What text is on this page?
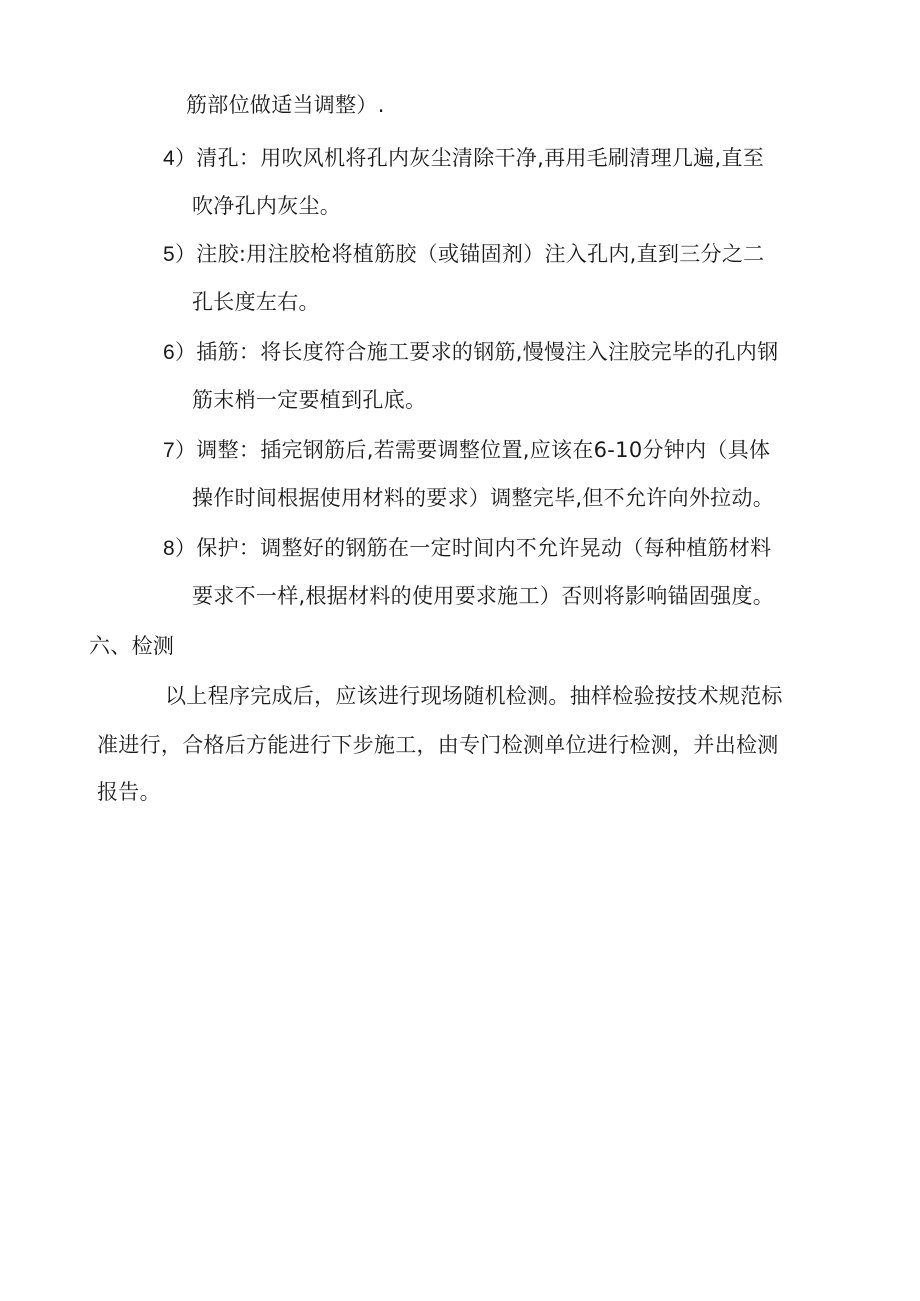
筋部位做适当调整）.
4）清孔：用吹风机将孔内灰尘清除干净,再用毛刷清理几遍,直至
吹净孔内灰尘。
5）注胶:用注胶枪将植筋胶（或锚固剂）注入孔内,直到三分之二
孔长度左右。
6）插筋：将长度符合施工要求的钢筋,慢慢注入注胶完毕的孔内钢
筋末梢一定要植到孔底。
7）调整：插完钢筋后,若需要调整位置,应该在6-10分钟内（具体
操作时间根据使用材料的要求）调整完毕,但不允许向外拉动。
8）保护：调整好的钢筋在一定时间内不允许晃动（每种植筋材料
要求不一样,根据材料的使用要求施工）否则将影响锚固强度。
六、检测
以上程序完成后，应该进行现场随机检测。抽样检验按技术规范标
准进行，合格后方能进行下步施工，由专门检测单位进行检测，并出检测
报告。
